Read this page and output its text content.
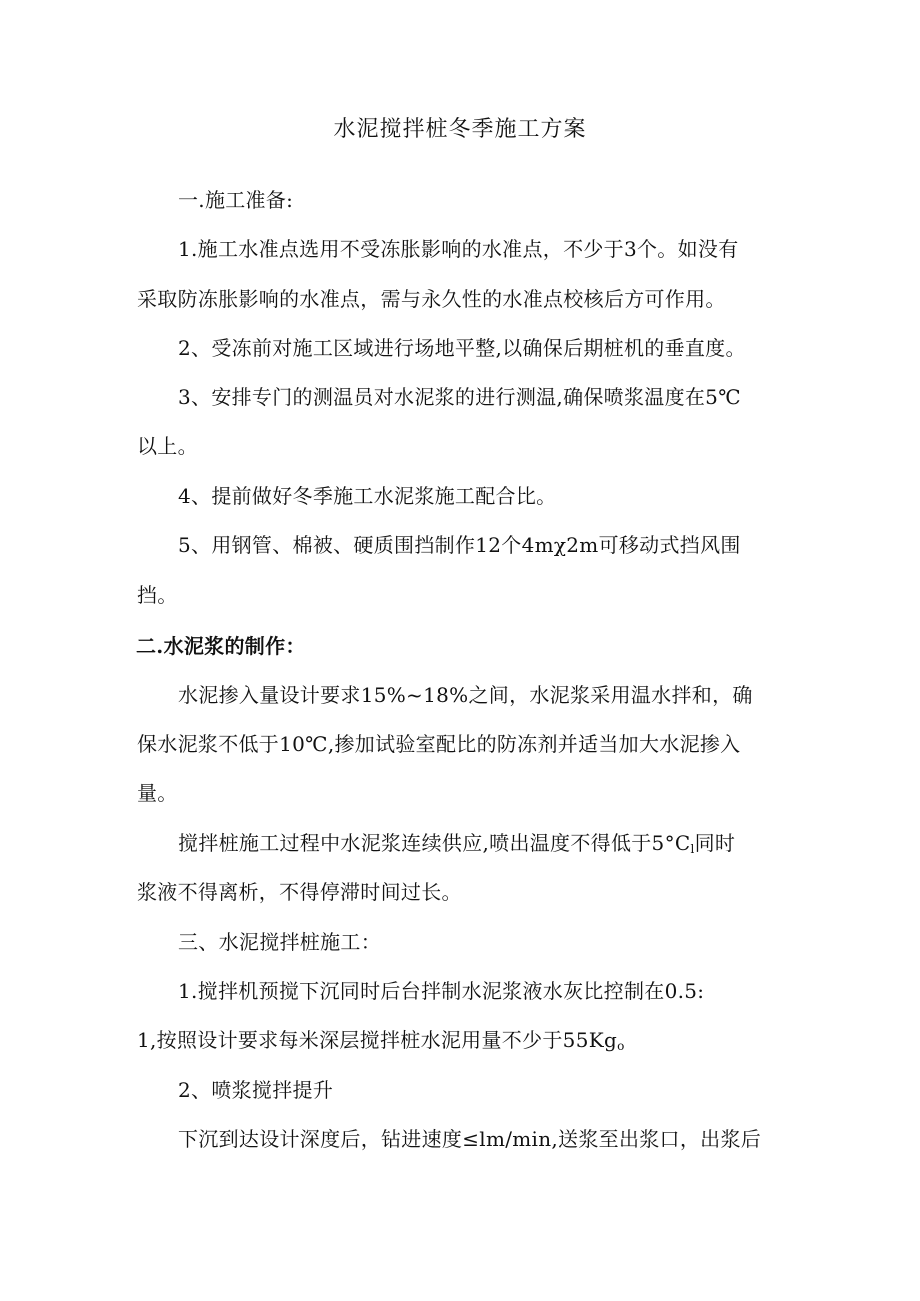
水泥搅拌桩冬季施工方案
一.施工准备:
1.施工水准点选用不受冻胀影响的水准点，不少于3个。如没有
采取防冻胀影响的水准点，需与永久性的水准点校核后方可作用。
2、受冻前对施工区域进行场地平整,以确保后期桩机的垂直度。
3、安排专门的测温员对水泥浆的进行测温,确保喷浆温度在5℃
以上。
4、提前做好冬季施工水泥浆施工配合比。
5、用钢管、棉被、硬质围挡制作12个4mχ2m可移动式挡风围
挡。
二.水泥浆的制作：
水泥掺入量设计要求15%~18%之间，水泥浆采用温水拌和，确
保水泥浆不低于10℃,掺加试验室配比的防冻剂并适当加大水泥掺入
量。
搅拌桩施工过程中水泥浆连续供应,喷出温度不得低于$5^\circ C_l$同时
浆液不得离析，不得停滞时间过长。
三、水泥搅拌桩施工：
1.搅拌机预搅下沉同时后台拌制水泥浆液水灰比控制在0.5:
1,按照设计要求每米深层搅拌桩水泥用量不少于$55Kg_o$
2、喷浆搅拌提升
下沉到达设计深度后，钻进速度≤lm∕min,送浆至出浆口，出浆后
